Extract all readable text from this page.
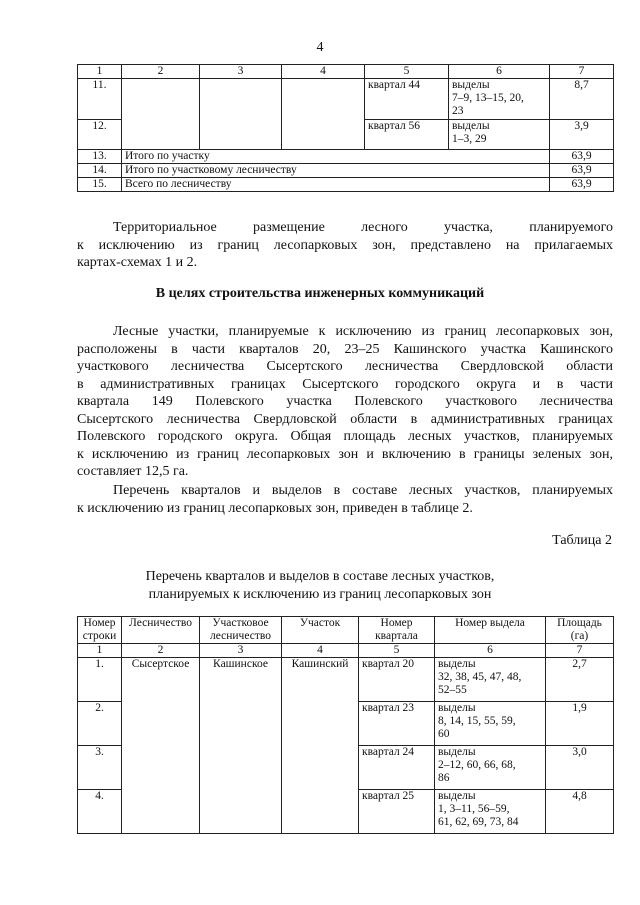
4
1	2	3	4	5	6	7
11.				квартал 44	выделы
7–9, 13–15, 20,
23	8,7
12.				квартал 56	выделы
1–3, 29	3,9
13.	Итого по участку					63,9
14.	Итого по участковому лесничеству					63,9
15.	Всего по лесничеству					63,9
Территориальное размещение лесного участка, планируемого
к исключению из границ лесопарковых зон, представлено на прилагаемых
картах-схемах 1 и 2.
В целях строительства инженерных коммуникаций
Лесные участки, планируемые к исключению из границ лесопарковых зон,
расположены в части кварталов 20, 23–25 Кашинского участка Кашинского
участкового лесничества Сысертского лесничества Свердловской области
в административных границах Сысертского городского округа и в части
квартала 149 Полевского участка Полевского участкового лесничества
Сысертского лесничества Свердловской области в административных границах
Полевского городского округа. Общая площадь лесных участков, планируемых
к исключению из границ лесопарковых зон и включению в границы зеленых зон,
составляет 12,5 га.
Перечень кварталов и выделов в составе лесных участков, планируемых
к исключению из границ лесопарковых зон, приведен в таблице 2.
Таблица 2
Перечень кварталов и выделов в составе лесных участков,
планируемых к исключению из границ лесопарковых зон
Номер
строки	Лесничество	Участковое
лесничество	Участок	Номер
квартала	Номер выдела	Площадь
(га)
1	2	3	4	5	6	7
1.	Сысертское	Кашинское	Кашинский	квартал 20	выделы
32, 38, 45, 47, 48,
52–55	2,7
2.				квартал 23	выделы
8, 14, 15, 55, 59,
60	1,9
3.				квартал 24	выделы
2–12, 60, 66, 68,
86	3,0
4.				квартал 25	выделы
1, 3–11, 56–59,
61, 62, 69, 73, 84	4,8
